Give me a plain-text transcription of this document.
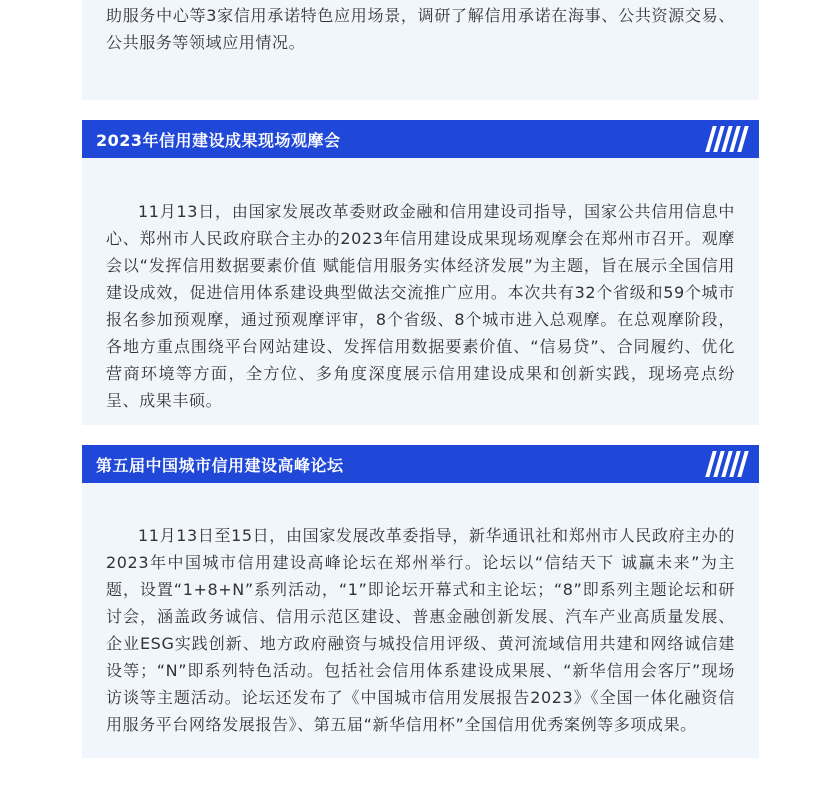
助服务中心等3家信用承诺特色应用场景，调研了解信用承诺在海事、公共资源交易、公共服务等领域应用情况。

2023年信用建设成果现场观摩会

11月13日，由国家发展改革委财政金融和信用建设司指导，国家公共信用信息中心、郑州市人民政府联合主办的2023年信用建设成果现场观摩会在郑州市召开。观摩会以“发挥信用数据要素价值 赋能信用服务实体经济发展”为主题，旨在展示全国信用建设成效，促进信用体系建设典型做法交流推广应用。本次共有32个省级和59个城市报名参加预观摩，通过预观摩评审，8个省级、8个城市进入总观摩。在总观摩阶段，各地方重点围绕平台网站建设、发挥信用数据要素价值、“信易贷”、合同履约、优化营商环境等方面，全方位、多角度深度展示信用建设成果和创新实践，现场亮点纷呈、成果丰硕。

第五届中国城市信用建设高峰论坛

11月13日至15日，由国家发展改革委指导，新华通讯社和郑州市人民政府主办的2023年中国城市信用建设高峰论坛在郑州举行。论坛以“信结天下 诚赢未来”为主题，设置“1+8+N”系列活动，“1”即论坛开幕式和主论坛；“8”即系列主题论坛和研讨会，涵盖政务诚信、信用示范区建设、普惠金融创新发展、汽车产业高质量发展、企业ESG实践创新、地方政府融资与城投信用评级、黄河流域信用共建和网络诚信建设等；“N”即系列特色活动。包括社会信用体系建设成果展、“新华信用会客厅”现场访谈等主题活动。论坛还发布了《中国城市信用发展报告2023》《全国一体化融资信用服务平台网络发展报告》、第五届“新华信用杯”全国信用优秀案例等多项成果。
